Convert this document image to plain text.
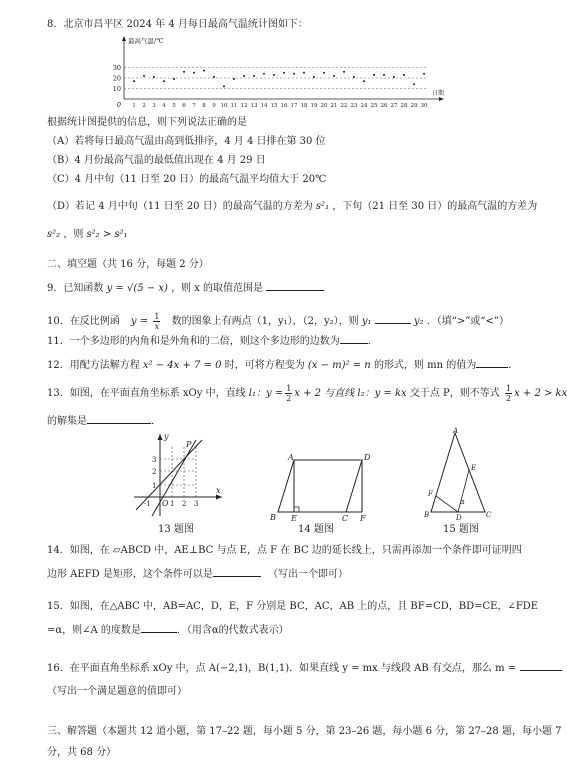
8．北京市昌平区 2024 年 4 月每日最高气温统计图如下：
10
20
30
0 1 2 3 4 5 6 7 8 9 10 11 12 13 14 15 16 17 18 19 20 21 22 23 24 25 26 27 28 29 30
最高气温/℃
日期
根据统计图提供的信息，则下列说法正确的是
（A）若将每日最高气温由高到低排序，4 月 4 日排在第 30 位
（B）4 月份最高气温的最低值出现在 4 月 29 日
（C）4 月中旬（11 日至 20 日）的最高气温平均值大于 20℃
（D）若记 4 月中旬（11 日至 20 日）的最高气温的方差为 s²₁ ，下旬（21 日至 30 日）的最高气温的方差为
s²₂ ，则 s²₂ > s²₁
二、填空题（共 16 分，每题 2 分）
9．已知函数 y = √(5 − x) ，则 x 的取值范围是
10．在反比例函 $y = \frac{1}{x}$ 数的图象上有两点（1，y₁），（2，y₂），则 y₁	y₂ ．（填“>”或“<”）
11．一个多边形的内角和是外角和的二倍，则这个多边形的边数为	．
12．用配方法解方程 x² − 4x + 7 = 0 时，可将方程变为 (x − m)² = n 的形式，则 mn 的值为	．
13．如图，在平面直角坐标系 xOy 中，直线 l₁：$y = \frac{1}{2}$ x + 2 与直线 l₂：y = kx 交于点 P，则不等式 $\frac{1}{2}$ x + 2 > kx
的解集是	．
y
x
P
O
-1	1 2 3
1
2
3
13 题图
A	D
B E	C F
14 题图
A
B	C
D
E
F
α
15 题图
14．如图，在 ▱ABCD 中，AE⊥BC 与点 E，点 F 在 BC 边的延长线上，只需再添加一个条件即可证明四
边形 AEFD 是矩形，这个条件可以是	（写出一个即可）
15．如图，在△ABC 中，AB=AC，D，E，F 分别是 BC，AC，AB 上的点，且 BF=CD，BD=CE，∠FDE
=α，则∠A 的度数是	．（用含α的代数式表示）
16．在平面直角坐标系 xOy 中，点 A(−2,1)，B(1,1)．如果直线 y = mx 与线段 AB 有交点，那么 m =
（写出一个满足题意的值即可）
三、解答题（本题共 12 道小题，第 17–22 题，每小题 5 分，第 23–26 题，每小题 6 分，第 27–28 题，每小题 7
分，共 68 分）
